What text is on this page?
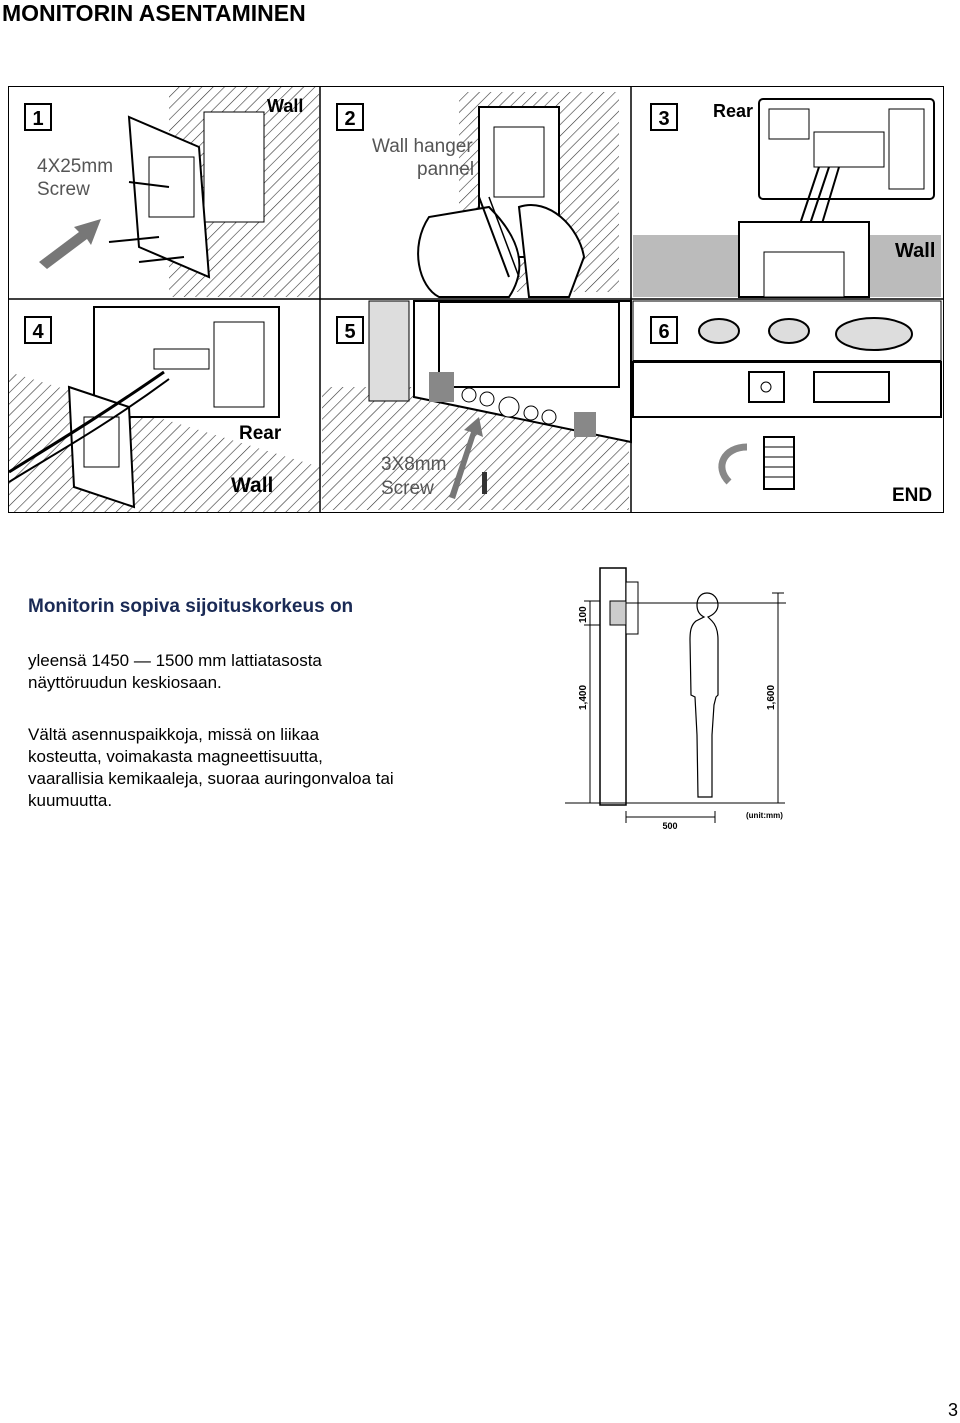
MONITORIN ASENTAMINEN
1
Wall
4X25mm
Screw
2
Wall hanger
pannel
3 Rear
Wall
4
Rear
Wall
5
3X8mm
Screw
6
END
Monitorin sopiva sijoituskorkeus on
yleensä 1450 — 1500 mm lattiatasosta
näyttöruudun keskiosaan.
Vältä asennuspaikkoja, missä on liikaa
kosteutta, voimakasta magneettisuutta,
vaarallisia kemikaaleja, suoraa auringonvaloa tai
kuumuutta.
100
1,400	1,600
500
(unit:mm)
3
